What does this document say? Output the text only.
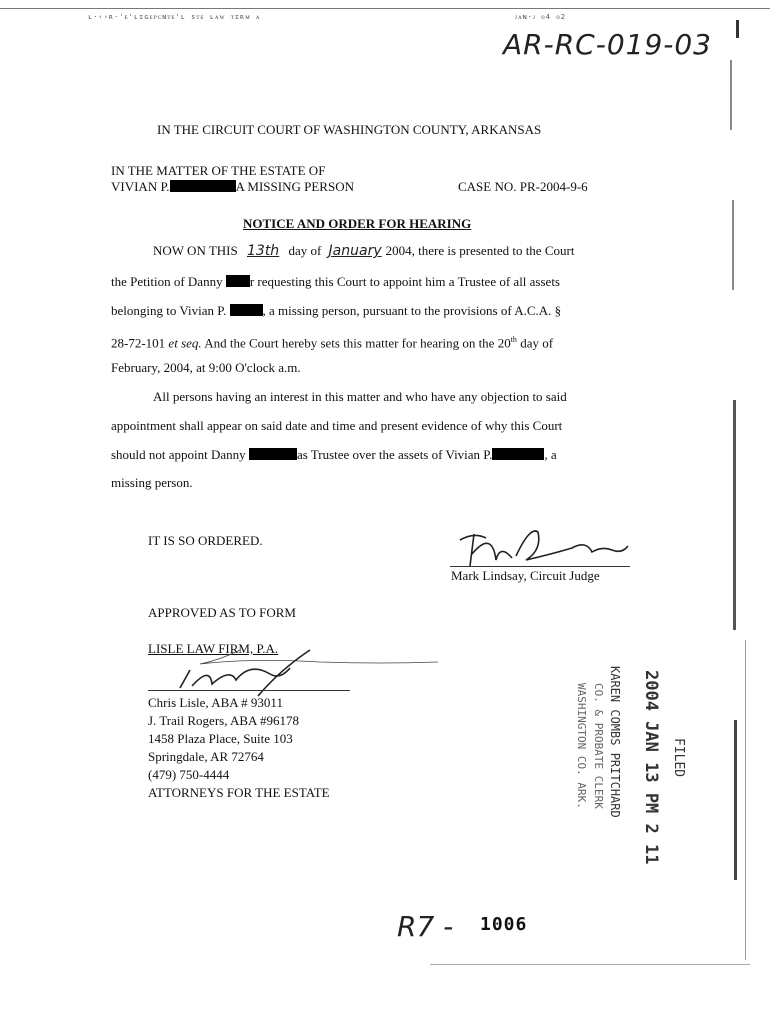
ʟ·‹›ʀ·'ᴇ'ʟɪɢᴇᴘᴄɴᴛᴇ'ʟ sᴛᴇ ʟᴀᴡ ᴛɪʀᴍ ᴀ	ᴊᴀɴ·ᴊ ᴏ4 ᴏ2
AR-RC-019-03
IN THE CIRCUIT COURT OF WASHINGTON COUNTY, ARKANSAS
IN THE MATTER OF THE ESTATE OF
VIVIAN P.	A MISSING PERSON	CASE NO. PR-2004-9-6
NOTICE AND ORDER FOR HEARING
NOW ON THIS 13th day of January 2004, there is presented to the Court
the Petition of Danny r requesting this Court to appoint him a Trustee of all assets
belonging to Vivian P.	, a missing person, pursuant to the provisions of A.C.A. §
28-72-101 et seq. And the Court hereby sets this matter for hearing on the 20th day of
February, 2004, at 9:00 O'clock a.m.
All persons having an interest in this matter and who have any objection to said
appointment shall appear on said date and time and present evidence of why this Court
should not appoint Danny	as Trustee over the assets of Vivian P.	, a
missing person.
IT IS SO ORDERED.
Mark Lindsay, Circuit Judge
APPROVED AS TO FORM
LISLE LAW FIRM, P.A.
Chris Lisle, ABA # 93011
J. Trail Rogers, ABA #96178
1458 Plaza Place, Suite 103
Springdale, AR 72764
(479) 750-4444
ATTORNEYS FOR THE ESTATE
FILED
2004 JAN 13 PM 2 11
KAREN COMBS PRITCHARD
CO. & PROBATE CLERK
WASHINGTON CO. ARK.
R7 - 1006
